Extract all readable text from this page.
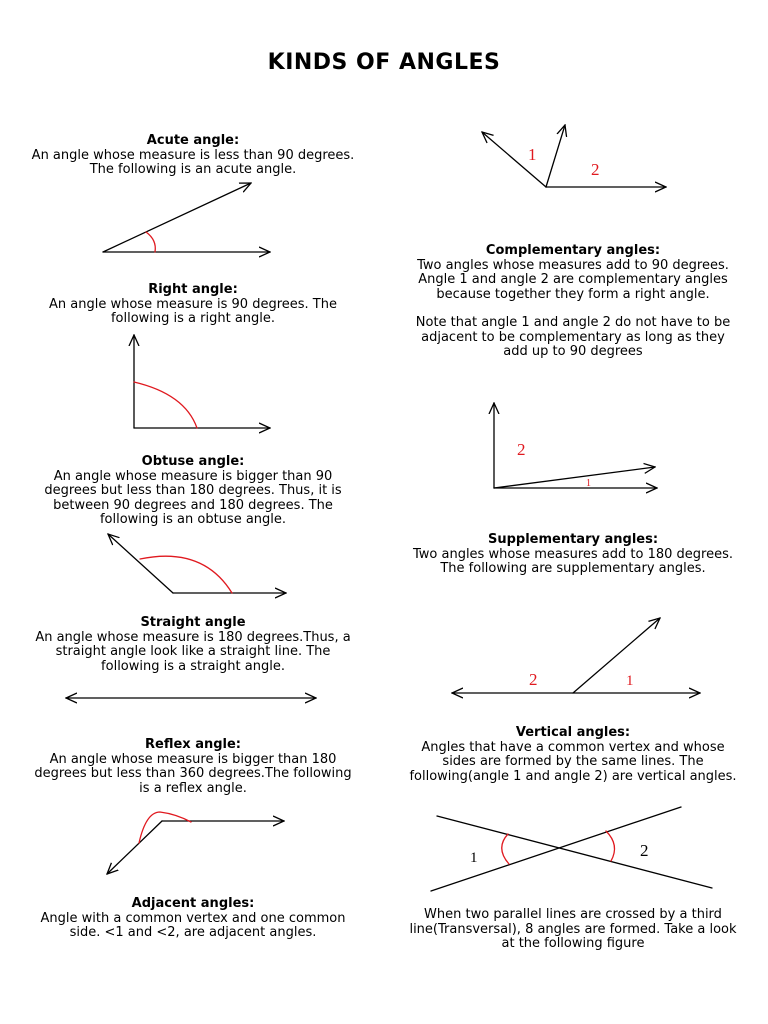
KINDS OF ANGLES
Acute angle:
An angle whose measure is less than 90 degrees. The following is an acute angle.
Right angle:
An angle whose measure is 90 degrees. The following is a right angle.
Obtuse angle:
An angle whose measure is bigger than 90 degrees but less than 180 degrees. Thus, it is between 90 degrees and 180 degrees. The following is an obtuse angle.
Straight angle
An angle whose measure is 180 degrees.Thus, a straight angle look like a straight line. The following is a straight angle.
Reflex angle:
An angle whose measure is bigger than 180 degrees but less than 360 degrees.The following is a reflex angle.
Adjacent angles:
Angle with a common vertex and one common side. <1 and <2, are adjacent angles.
Complementary angles:
Two angles whose measures add to 90 degrees. Angle 1 and angle 2 are complementary angles because together they form a right angle.
Note that angle 1 and angle 2 do not have to be adjacent to be complementary as long as they add up to 90 degrees
Supplementary angles:
Two angles whose measures add to 180 degrees. The following are supplementary angles.
Vertical angles:
Angles that have a common vertex and whose sides are formed by the same lines. The following(angle 1 and angle 2) are vertical angles.
When two parallel lines are crossed by a third line(Transversal), 8 angles are formed. Take a look at the following figure
1
2
2
1
2	1
1	2
